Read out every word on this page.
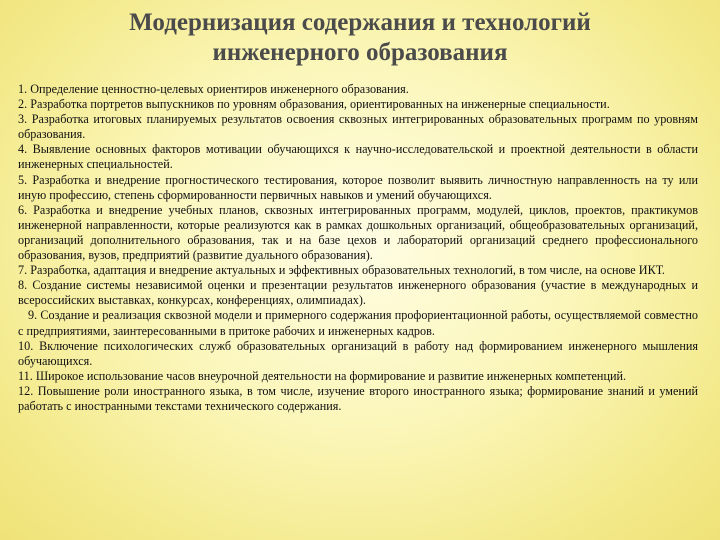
Модернизация содержания и технологий
инженерного образования
1. Определение ценностно-целевых ориентиров инженерного образования.
2. Разработка портретов выпускников по уровням образования, ориентированных на инженерные специальности.
3. Разработка итоговых планируемых результатов освоения сквозных интегрированных образовательных программ по уровням образования.
4. Выявление основных факторов мотивации обучающихся к научно-исследовательской и проектной деятельности в области инженерных специальностей.
5. Разработка и внедрение прогностического тестирования, которое позволит выявить личностную направленность на ту или иную профессию, степень сформированности первичных навыков и умений обучающихся.
6. Разработка и внедрение учебных планов, сквозных интегрированных программ, модулей, циклов, проектов, практикумов инженерной направленности, которые реализуются как в рамках дошкольных организаций, общеобразовательных организаций, организаций дополнительного образования, так и на базе цехов и лабораторий организаций среднего профессионального образования, вузов, предприятий (развитие дуального образования).
7. Разработка, адаптация и внедрение актуальных и эффективных образовательных технологий, в том числе, на основе ИКТ.
8. Создание системы независимой оценки и презентации результатов инженерного образования (участие в международных и всероссийских выставках, конкурсах, конференциях, олимпиадах).
9. Создание и реализация сквозной модели и примерного содержания профориентационной работы, осуществляемой совместно с предприятиями, заинтересованными в притоке рабочих и инженерных кадров.
10. Включение психологических служб образовательных организаций в работу над формированием инженерного мышления обучающихся.
11. Широкое использование часов внеурочной деятельности на формирование и развитие инженерных компетенций.
12. Повышение роли иностранного языка, в том числе, изучение второго иностранного языка; формирование знаний и умений работать с иностранными текстами технического содержания.
